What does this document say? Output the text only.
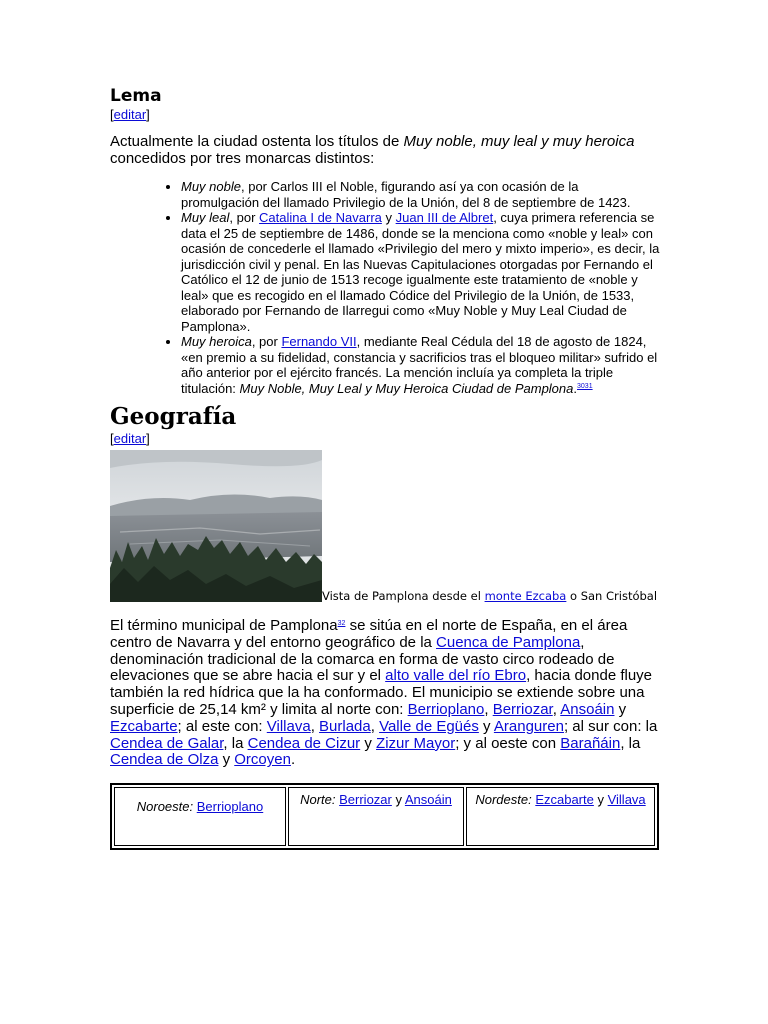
Lema
[editar]

Actualmente la ciudad ostenta los títulos de Muy noble, muy leal y muy heroica concedidos por tres monarcas distintos:

• Muy noble, por Carlos III el Noble, figurando así ya con ocasión de la promulgación del llamado Privilegio de la Unión, del 8 de septiembre de 1423.
• Muy leal, por Catalina I de Navarra y Juan III de Albret, cuya primera referencia se data el 25 de septiembre de 1486, donde se la menciona como «noble y leal» con ocasión de concederle el llamado «Privilegio del mero y mixto imperio», es decir, la jurisdicción civil y penal. En las Nuevas Capitulaciones otorgadas por Fernando el Católico el 12 de junio de 1513 recoge igualmente este tratamiento de «noble y leal» que es recogido en el llamado Códice del Privilegio de la Unión, de 1533, elaborado por Fernando de Ilarregui como «Muy Noble y Muy Leal Ciudad de Pamplona».
• Muy heroica, por Fernando VII, mediante Real Cédula del 18 de agosto de 1824, «en premio a su fidelidad, constancia y sacrificios tras el bloqueo militar» sufrido el año anterior por el ejército francés. La mención incluía ya completa la triple titulación: Muy Noble, Muy Leal y Muy Heroica Ciudad de Pamplona.$^{3031}$
Geografía
[editar]
Vista de Pamplona desde el monte Ezcaba o San Cristóbal

El término municipal de Pamplona$^{32}$ se sitúa en el norte de España, en el área centro de Navarra y del entorno geográfico de la Cuenca de Pamplona, denominación tradicional de la comarca en forma de vasto circo rodeado de elevaciones que se abre hacia el sur y el alto valle del río Ebro, hacia donde fluye también la red hídrica que la ha conformado. El municipio se extiende sobre una superficie de 25,14 km² y limita al norte con: Berrioplano, Berriozar, Ansoáin y Ezcabarte; al este con: Villava, Burlada, Valle de Egüés y Aranguren; al sur con: la Cendea de Galar, la Cendea de Cizur y Zizur Mayor; y al oeste con Barañáin, la Cendea de Olza y Orcoyen.

Noroeste: Berrioplano	Norte: Berriozar y Ansoáin	Nordeste: Ezcabarte y Villava
